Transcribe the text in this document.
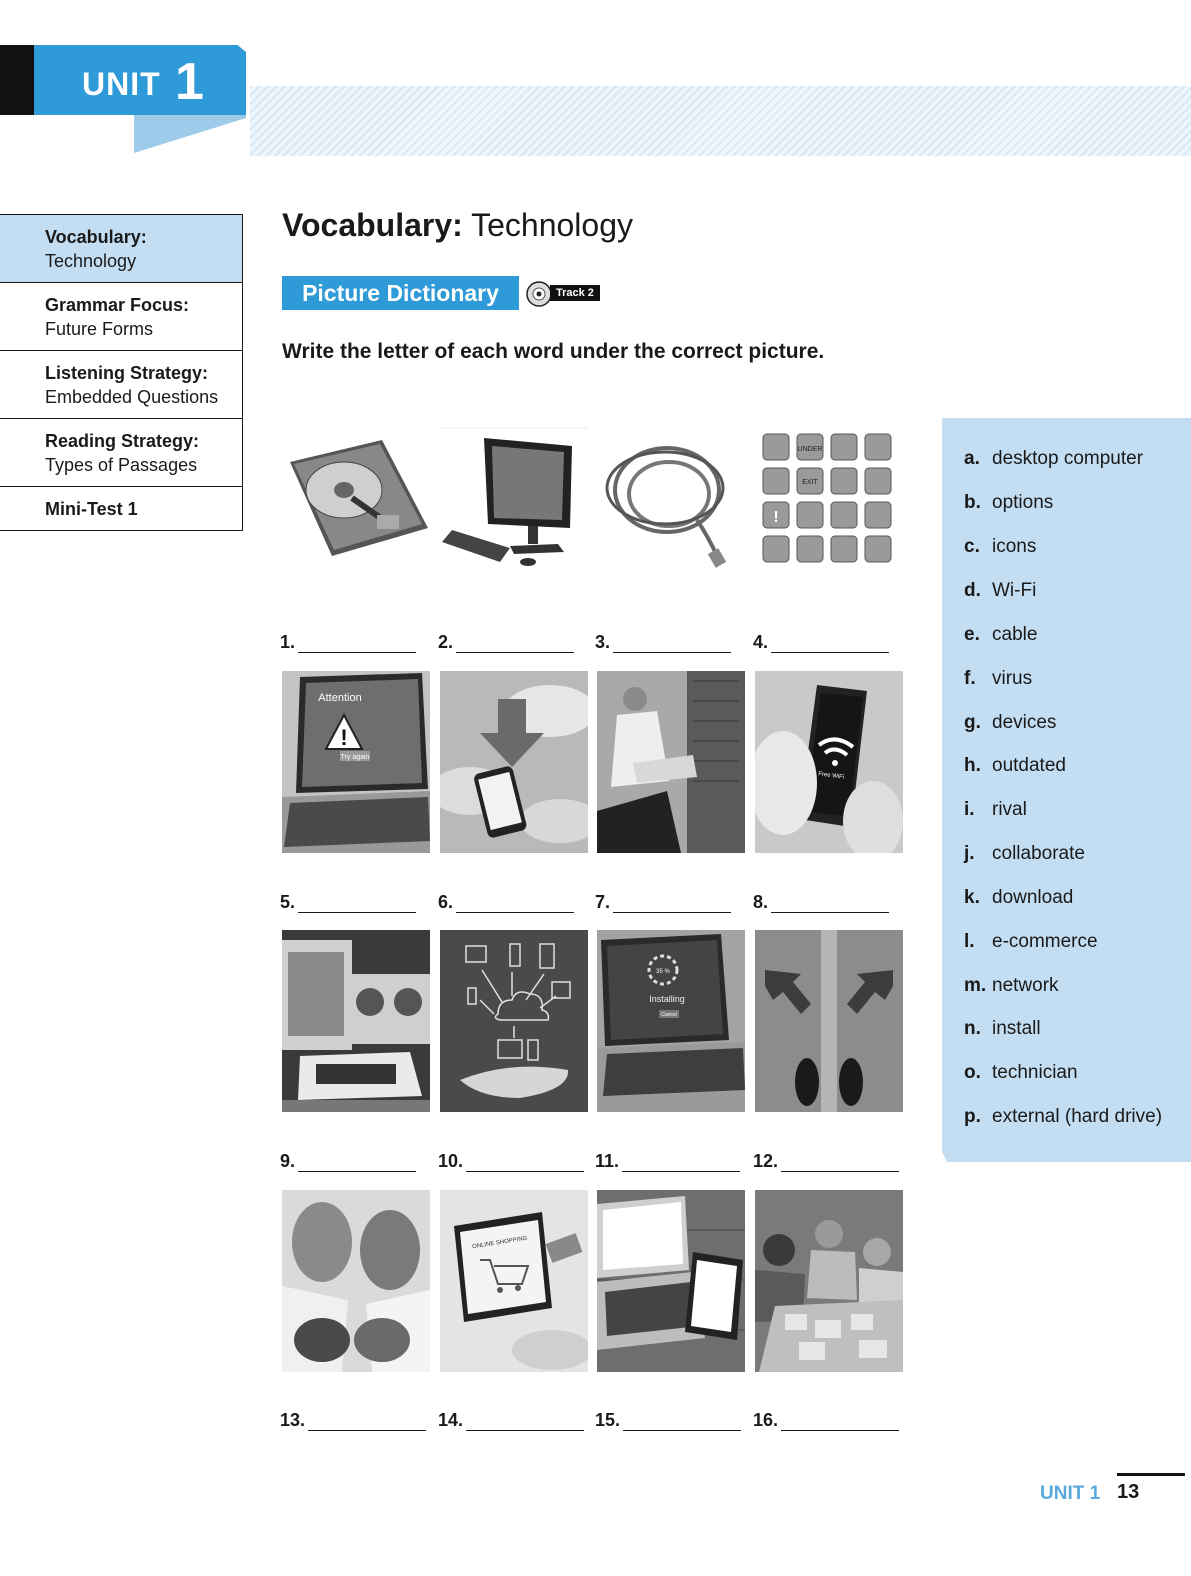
UNIT 1
Vocabulary:
Technology
Grammar Focus:
Future Forms
Listening Strategy:
Embedded Questions
Reading Strategy:
Types of Passages
Mini-Test 1
Vocabulary: Technology
Picture Dictionary	Track 2
Write the letter of each word under the correct picture.
UNDER
EXIT
!
1.	2.	3.	4.
Attention
!
Try again
Free WiFi
5.	6.	7.	8.
35 %
Installing
Cancel
9.	10.	11.	12.
ONLINE SHOPPING
13.	14.	15.	16.
a. desktop computer
b. options
c. icons
d. Wi-Fi
e. cable
f. virus
g. devices
h. outdated
i. rival
j. collaborate
k. download
l. e-commerce
m. network
n. install
o. technician
p. external (hard drive)
UNIT 1 13
